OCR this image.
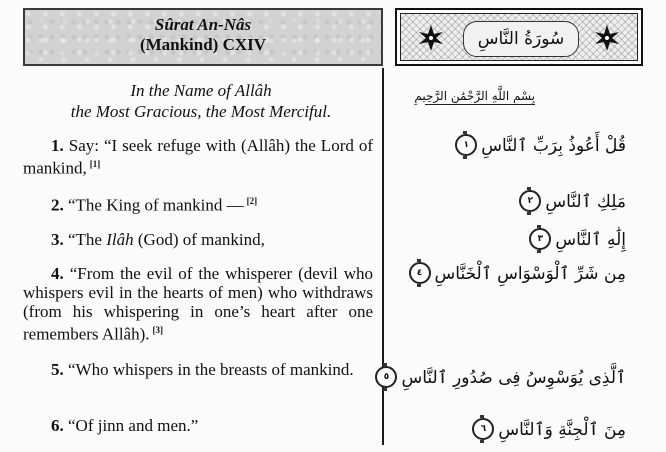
Sûrat An-Nâs
(Mankind) CXIV	سُورَةُ النَّاسِ
In the Name of Allâh
the Most Gracious, the Most Merciful.
بِسْمِ اللَّهِ الرَّحْمَٰنِ الرَّحِيمِ
1. Say: “I seek refuge with (Allâh) the Lord of mankind, [1]
2. “The King of mankind — [2]
3. “The Ilâh (God) of mankind,
4. “From the evil of the whisperer (devil who whispers evil in the hearts of men) who withdraws (from his whispering in one’s heart after one remembers Allâh). [3]
5. “Who whispers in the breasts of mankind.
6. “Of jinn and men.”
قُلْ أَعُوذُ بِرَبِّ ٱلنَّاسِ
١
مَلِكِ ٱلنَّاسِ
٢
إِلَٰهِ ٱلنَّاسِ
٣
مِن شَرِّ ٱلْوَسْوَاسِ ٱلْخَنَّاسِ
٤
ٱلَّذِى يُوَسْوِسُ فِى صُدُورِ ٱلنَّاسِ
٥
مِنَ ٱلْجِنَّةِ وَٱلنَّاسِ
٦
